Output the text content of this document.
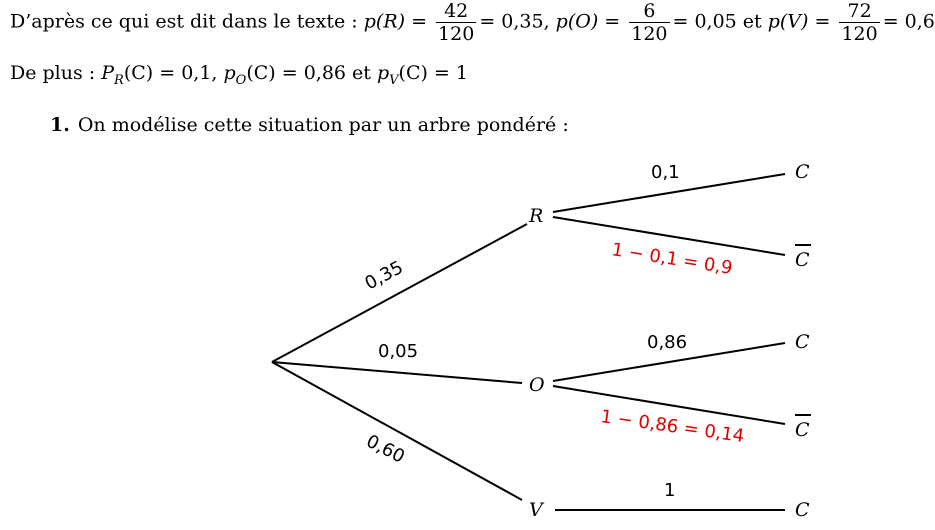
D’après ce qui est dit dans le texte : $p(R) = \frac{42}{120} = 0,35$, $p(O) = \frac{6}{120} = 0,05$ et $p(V) = \frac{72}{120} = 0,6$
De plus : $P_R(C) = 0,1$, $p_O(C) = 0,86$ et $p_V(C) = 1$
1. On modélise cette situation par un arbre pondéré :
0,35
0,05
0,60
R
O
V
0,1
1 − 0,1 = 0,9
0,86
1 − 0,86 = 0,14
1
C
C
C
C
C
